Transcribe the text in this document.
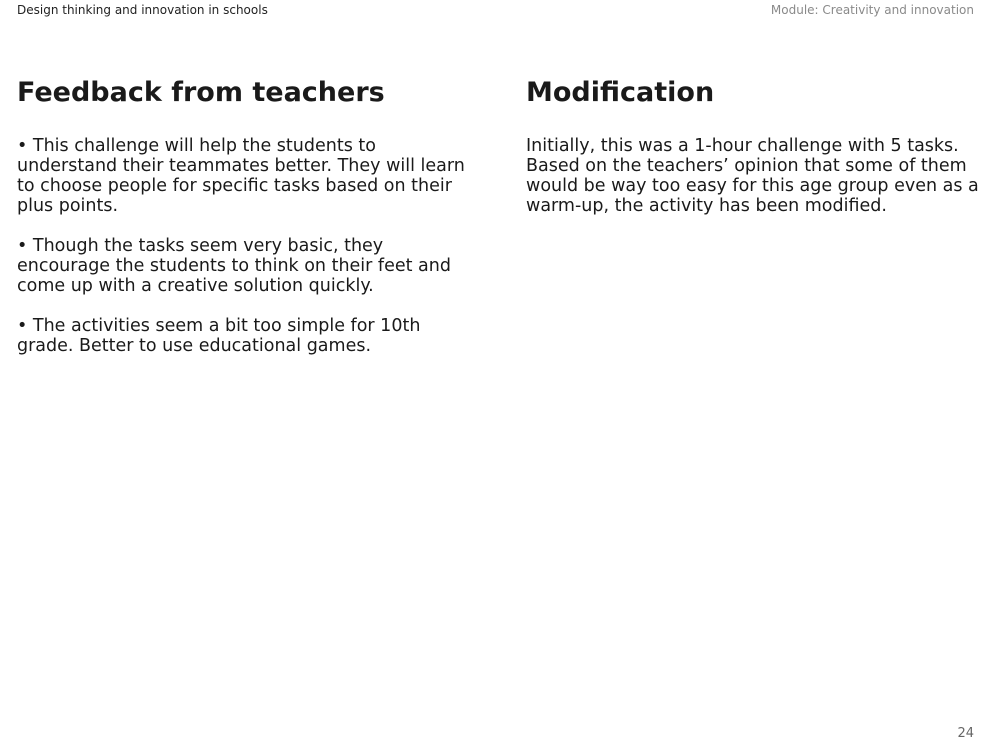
Design thinking and innovation in schools	Module: Creativity and innovation
Feedback from teachers

• This challenge will help the students to understand their teammates better. They will learn to choose people for specific tasks based on their plus points.

• Though the tasks seem very basic, they encourage the students to think on their feet and come up with a creative solution quickly.

• The activities seem a bit too simple for 10th grade. Better to use educational games.

Modification

Initially, this was a 1-hour challenge with 5 tasks. Based on the teachers’ opinion that some of them would be way too easy for this age group even as a warm-up, the activity has been modified.

24
